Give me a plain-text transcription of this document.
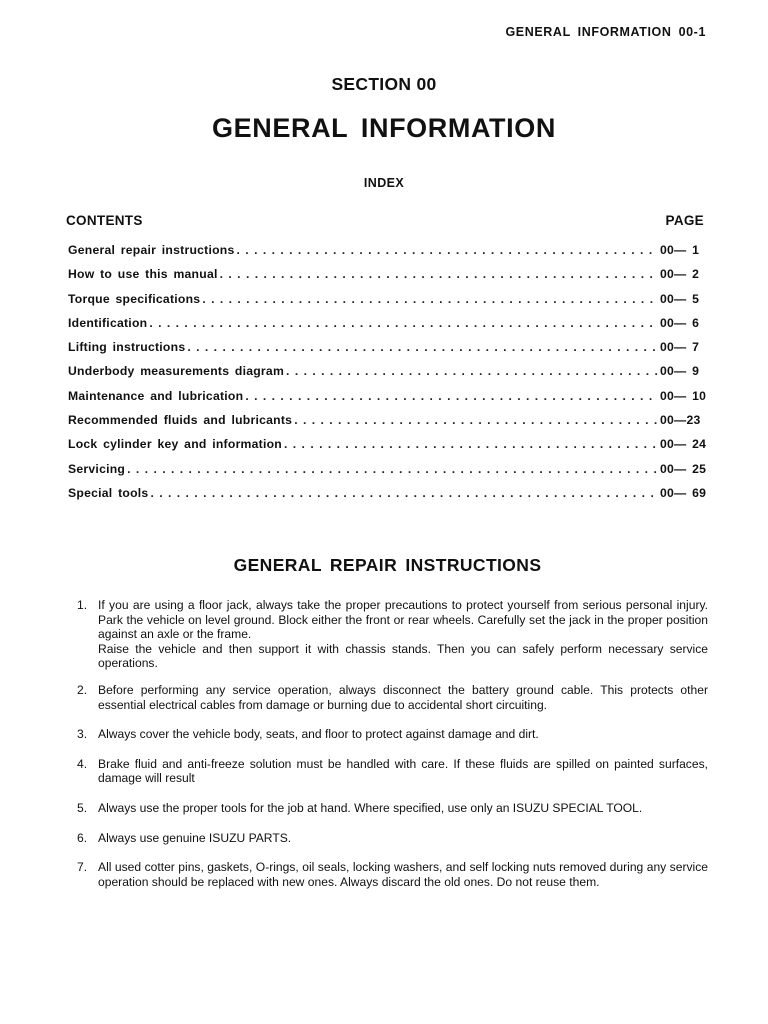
GENERAL INFORMATION 00-1
SECTION 00
GENERAL INFORMATION
INDEX
CONTENTS	PAGE
General repair instructions . . .	00— 1
How to use this manual . . .	00— 2
Torque specifications . . .	00— 5
Identification . . .	00— 6
Lifting instructions . . .	00— 7
Underbody measurements diagram . . .	00— 9
Maintenance and lubrication . . .	00— 10
Recommended fluids and lubricants . . .	00—23
Lock cylinder key and information . . .	00— 24
Servicing . . .	00— 25
Special tools . . .	00— 69
GENERAL REPAIR INSTRUCTIONS
1. If you are using a floor jack, always take the proper precautions to protect yourself from serious personal injury. Park the vehicle on level ground. Block either the front or rear wheels. Carefully set the jack in the proper position against an axle or the frame.
Raise the vehicle and then support it with chassis stands. Then you can safely perform necessary service operations.
2. Before performing any service operation, always disconnect the battery ground cable. This protects other essential electrical cables from damage or burning due to accidental short circuiting.
3. Always cover the vehicle body, seats, and floor to protect against damage and dirt.
4. Brake fluid and anti-freeze solution must be handled with care. If these fluids are spilled on painted surfaces, damage will result
5. Always use the proper tools for the job at hand. Where specified, use only an ISUZU SPECIAL TOOL.
6. Always use genuine ISUZU PARTS.
7. All used cotter pins, gaskets, O-rings, oil seals, locking washers, and self locking nuts removed during any service operation should be replaced with new ones. Always discard the old ones. Do not reuse them.
